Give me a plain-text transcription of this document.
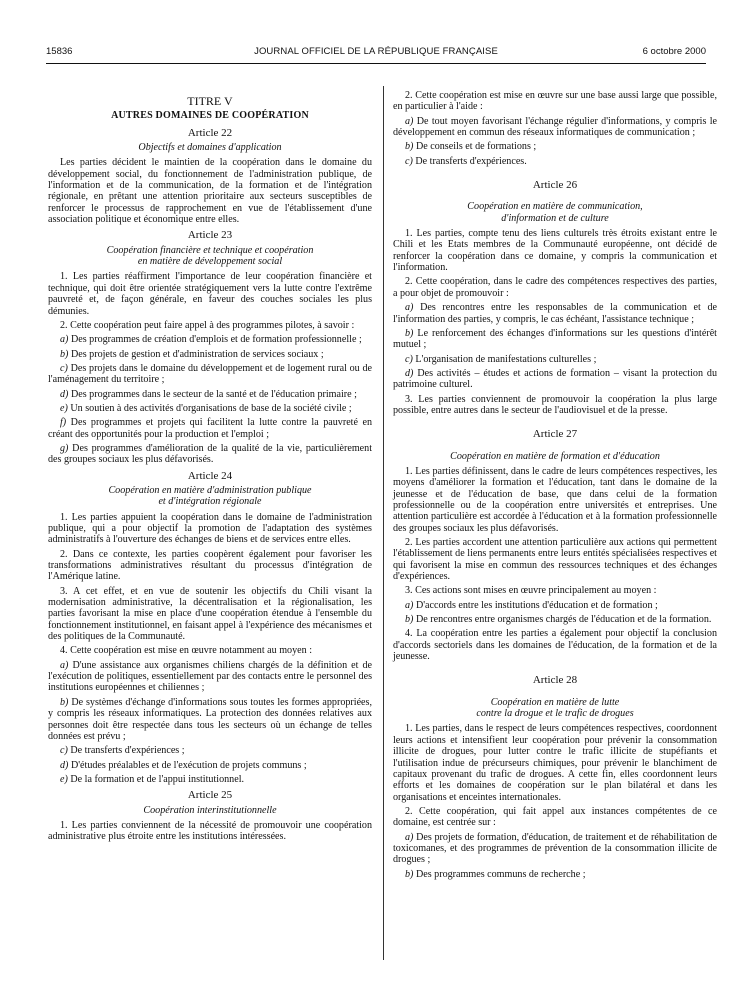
15836	JOURNAL OFFICIEL DE LA RÉPUBLIQUE FRANÇAISE	6 octobre 2000
TITRE V
AUTRES DOMAINES DE COOPÉRATION
Article 22
Objectifs et domaines d'application

Les parties décident le maintien de la coopération dans le domaine du développement social, du fonctionnement de l'administration publique, de l'information et de la communication, de la formation et de l'intégration régionale, en prêtant une attention prioritaire aux secteurs susceptibles de renforcer le processus de rapprochement en vue de l'établissement d'une association politique et économique entre elles.

Article 23
Coopération financière et technique et coopération
en matière de développement social

1. Les parties réaffirment l'importance de leur coopération financière et technique, qui doit être orientée stratégiquement vers la lutte contre l'extrême pauvreté et, de façon générale, en faveur des couches sociales les plus démunies.

2. Cette coopération peut faire appel à des programmes pilotes, à savoir :

a) Des programmes de création d'emplois et de formation professionnelle ;

b) Des projets de gestion et d'administration de services sociaux ;

c) Des projets dans le domaine du développement et de logement rural ou de l'aménagement du territoire ;

d) Des programmes dans le secteur de la santé et de l'éducation primaire ;

e) Un soutien à des activités d'organisations de base de la société civile ;

f) Des programmes et projets qui facilitent la lutte contre la pauvreté en créant des opportunités pour la production et l'emploi ;

g) Des programmes d'amélioration de la qualité de la vie, particulièrement des groupes sociaux les plus défavorisés.

Article 24
Coopération en matière d'administration publique
et d'intégration régionale

1. Les parties appuient la coopération dans le domaine de l'administration publique, qui a pour objectif la promotion de l'adaptation des systèmes administratifs à l'ouverture des échanges de biens et de services entre elles.

2. Dans ce contexte, les parties coopèrent également pour favoriser les transformations administratives résultant du processus d'intégration de l'Amérique latine.

3. A cet effet, et en vue de soutenir les objectifs du Chili visant la modernisation administrative, la décentralisation et la régionalisation, les parties favorisant la mise en place d'une coopération étendue à l'ensemble du fonctionnement institutionnel, en faisant appel à l'expérience des mécanismes et des politiques de la Communauté.

4. Cette coopération est mise en œuvre notamment au moyen :

a) D'une assistance aux organismes chiliens chargés de la définition et de l'exécution de politiques, essentiellement par des contacts entre le personnel des institutions européennes et chiliennes ;

b) De systèmes d'échange d'informations sous toutes les formes appropriées, y compris les réseaux informatiques. La protection des données relatives aux personnes doit être respectée dans tous les secteurs où un échange de telles données est prévu ;

c) De transferts d'expériences ;

d) D'études préalables et de l'exécution de projets communs ;

e) De la formation et de l'appui institutionnel.

Article 25
Coopération interinstitutionnelle

1. Les parties conviennent de la nécessité de promouvoir une coopération administrative plus étroite entre les institutions intéressées.

2. Cette coopération est mise en œuvre sur une base aussi large que possible, en particulier à l'aide :

a) De tout moyen favorisant l'échange régulier d'informations, y compris le développement en commun des réseaux informatiques de communication ;

b) De conseils et de formations ;

c) De transferts d'expériences.

Article 26
Coopération en matière de communication,
d'information et de culture

1. Les parties, compte tenu des liens culturels très étroits existant entre le Chili et les Etats membres de la Communauté européenne, ont décidé de renforcer la coopération dans ce domaine, y compris la communication et l'information.

2. Cette coopération, dans le cadre des compétences respectives des parties, a pour objet de promouvoir :

a) Des rencontres entre les responsables de la communication et de l'information des parties, y compris, le cas échéant, l'assistance technique ;

b) Le renforcement des échanges d'informations sur les questions d'intérêt mutuel ;

c) L'organisation de manifestations culturelles ;

d) Des activités – études et actions de formation – visant la protection du patrimoine culturel.

3. Les parties conviennent de promouvoir la coopération la plus large possible, entre autres dans le secteur de l'audiovisuel et de la presse.

Article 27
Coopération en matière de formation et d'éducation

1. Les parties définissent, dans le cadre de leurs compétences respectives, les moyens d'améliorer la formation et l'éducation, tant dans le domaine de la jeunesse et de l'éducation de base, que dans celui de la formation professionnelle ou de la coopération entre universités et entreprises. Une attention particulière est accordée à l'éducation et à la formation professionnelle des groupes sociaux les plus défavorisés.

2. Les parties accordent une attention particulière aux actions qui permettent l'établissement de liens permanents entre leurs entités spécialisées respectives et qui favorisent la mise en commun des ressources techniques et des échanges d'expériences.

3. Ces actions sont mises en œuvre principalement au moyen :

a) D'accords entre les institutions d'éducation et de formation ;

b) De rencontres entre organismes chargés de l'éducation et de la formation.

4. La coopération entre les parties a également pour objectif la conclusion d'accords sectoriels dans les domaines de l'éducation, de la formation et de la jeunesse.

Article 28
Coopération en matière de lutte
contre la drogue et le trafic de drogues

1. Les parties, dans le respect de leurs compétences respectives, coordonnent leurs actions et intensifient leur coopération pour prévenir la consommation illicite de drogues, pour lutter contre le trafic illicite de stupéfiants et l'utilisation indue de précurseurs chimiques, pour prévenir le blanchiment de capitaux provenant du trafic de drogues. A cette fin, elles coordonnent leurs efforts et les domaines de coopération sur le plan bilatéral et dans les organisations et enceintes internationales.

2. Cette coopération, qui fait appel aux instances compétentes de ce domaine, est centrée sur :

a) Des projets de formation, d'éducation, de traitement et de réhabilitation de toxicomanes, et des programmes de prévention de la consommation illicite de drogues ;

b) Des programmes communs de recherche ;
